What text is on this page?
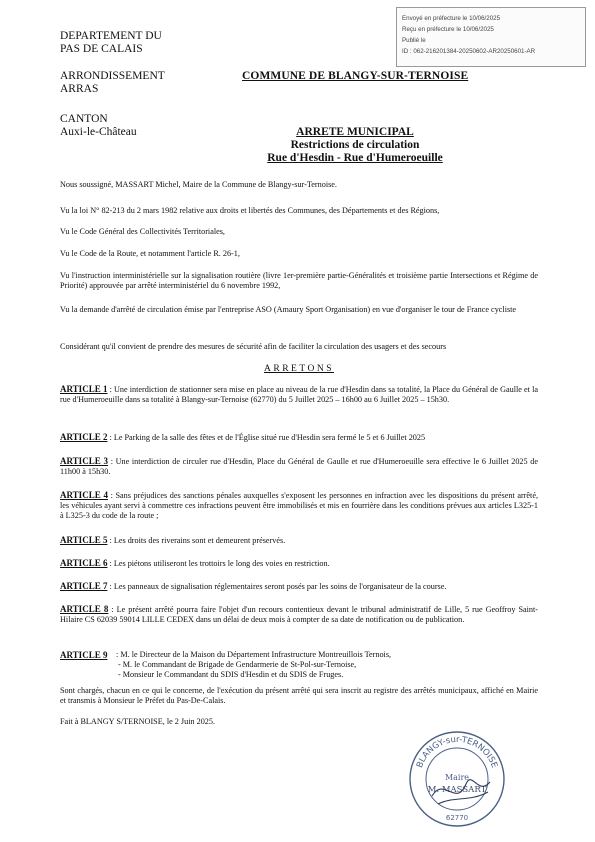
DEPARTEMENT DU
PAS DE CALAIS
ARRONDISSEMENT
ARRAS
CANTON
Auxi-le-Château
Envoyé en préfecture le 10/06/2025
Reçu en préfecture le 10/06/2025
Publié le
ID : 062-216201384-20250602-AR20250601-AR
COMMUNE DE BLANGY-SUR-TERNOISE
ARRETE MUNICIPAL
Restrictions de circulation
Rue d'Hesdin - Rue d'Humeroeuille
Nous soussigné, MASSART Michel, Maire de la Commune de Blangy-sur-Ternoise.
Vu la loi N° 82-213 du 2 mars 1982 relative aux droits et libertés des Communes, des Départements et des Régions,
Vu le Code Général des Collectivités Territoriales,
Vu le Code de la Route, et notamment l'article R. 26-1,
Vu l'instruction interministérielle sur la signalisation routière (livre 1er-première partie-Généralités et troisième partie Intersections et Régime de Priorité) approuvée par arrêté interministériel du 6 novembre 1992,
Vu la demande d'arrêté de circulation émise par l'entreprise ASO (Amaury Sport Organisation) en vue d'organiser le tour de France cycliste
Considérant qu'il convient de prendre des mesures de sécurité afin de faciliter la circulation des usagers et des secours
ARRETONS
ARTICLE 1 : Une interdiction de stationner sera mise en place au niveau de la rue d'Hesdin dans sa totalité, la Place du Général de Gaulle et la rue d'Humeroeuille dans sa totalité à Blangy-sur-Ternoise (62770) du 5 Juillet 2025 – 16h00 au 6 Juillet 2025 – 15h30.
ARTICLE 2 : Le Parking de la salle des fêtes et de l'Église situé rue d'Hesdin sera fermé le 5 et 6 Juillet 2025
ARTICLE 3 : Une interdiction de circuler rue d'Hesdin, Place du Général de Gaulle et rue d'Humeroeuille sera effective le 6 Juillet 2025 de 11h00 à 15h30.
ARTICLE 4 : Sans préjudices des sanctions pénales auxquelles s'exposent les personnes en infraction avec les dispositions du présent arrêté, les véhicules ayant servi à commettre ces infractions peuvent être immobilisés et mis en fourrière dans les conditions prévues aux articles L325-1 à L325-3 du code de la route ;
ARTICLE 5 : Les droits des riverains sont et demeurent préservés.
ARTICLE 6 : Les piétons utiliseront les trottoirs le long des voies en restriction.
ARTICLE 7 : Les panneaux de signalisation réglementaires seront posés par les soins de l'organisateur de la course.
ARTICLE 8 : Le présent arrêté pourra faire l'objet d'un recours contentieux devant le tribunal administratif de Lille, 5 rue Geoffroy Saint-Hilaire CS 62039 59014 LILLE CEDEX dans un délai de deux mois à compter de sa date de notification ou de publication.
ARTICLE 9 : M. le Directeur de la Maison du Département Infrastructure Montreuillois Ternois,
- M. le Commandant de Brigade de Gendarmerie de St-Pol-sur-Ternoise,
- Monsieur le Commandant du SDIS d'Hesdin et du SDIS de Fruges.
Sont chargés, chacun en ce qui le concerne, de l'exécution du présent arrêté qui sera inscrit au registre des arrêtés municipaux, affiché en Mairie et transmis à Monsieur le Préfet du Pas-De-Calais.
Fait à BLANGY S/TERNOISE, le 2 Juin 2025.
BLANGY-sur-TERNOISE
Maire
M. MASSART
62770
